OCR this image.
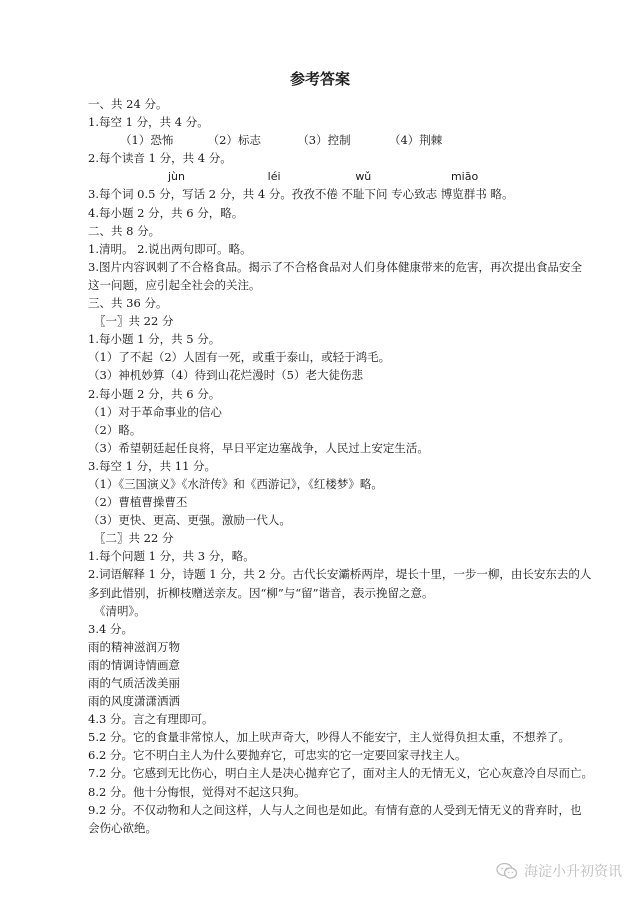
参考答案
一、共 24 分。
1.每空 1 分，共 4 分。
（1）恐怖	（2）标志	（3）控制	（4）荆棘
2.每个读音 1 分，共 4 分。
jùn	léi	wǔ	miāo
3.每个词 0.5 分，写话 2 分，共 4 分。孜孜不倦 不耻下问 专心致志 博览群书 略。
4.每小题 2 分，共 6 分，略。
二、共 8 分。
1.清明。 2.说出两句即可。略。
3.图片内容讽刺了不合格食品。揭示了不合格食品对人们身体健康带来的危害，再次提出食品安全
这一问题，应引起全社会的关注。
三、共 36 分。
〖一〗共 22 分
1.每小题 1 分，共 5 分。
（1）了不起（2）人固有一死，或重于泰山，或轻于鸿毛。
（3）神机妙算（4）待到山花烂漫时（5）老大徒伤悲
2.每小题 2 分，共 6 分。
（1）对于革命事业的信心
（2）略。
（3）希望朝廷起任良将，早日平定边塞战争，人民过上安定生活。
3.每空 1 分，共 11 分。
（1）《三国演义》《水浒传》和《西游记》，《红楼梦》略。
（2）曹植曹操曹丕
（3）更快、更高、更强。激励一代人。
〖二〗共 22 分
1.每个问题 1 分，共 3 分，略。
2.词语解释 1 分，诗题 1 分，共 2 分。古代长安灞桥两岸，堤长十里，一步一柳，由长安东去的人
多到此惜别，折柳枝赠送亲友。因“柳”与“留”谐音，表示挽留之意。
《清明》。
3.4 分。
雨的精神滋润万物
雨的情调诗情画意
雨的气质活泼美丽
雨的风度潇潇洒洒
4.3 分。言之有理即可。
5.2 分。它的食量非常惊人，加上吠声奇大，吵得人不能安宁，主人觉得负担太重，不想养了。
6.2 分。它不明白主人为什么要抛弃它，可忠实的它一定要回家寻找主人。
7.2 分。它感到无比伤心，明白主人是决心抛弃它了，面对主人的无情无义，它心灰意冷自尽而亡。
8.2 分。他十分悔恨，觉得对不起这只狗。
9.2 分。不仅动物和人之间这样，人与人之间也是如此。有情有意的人受到无情无义的背弃时，也
会伤心欲绝。
海淀小升初资讯
